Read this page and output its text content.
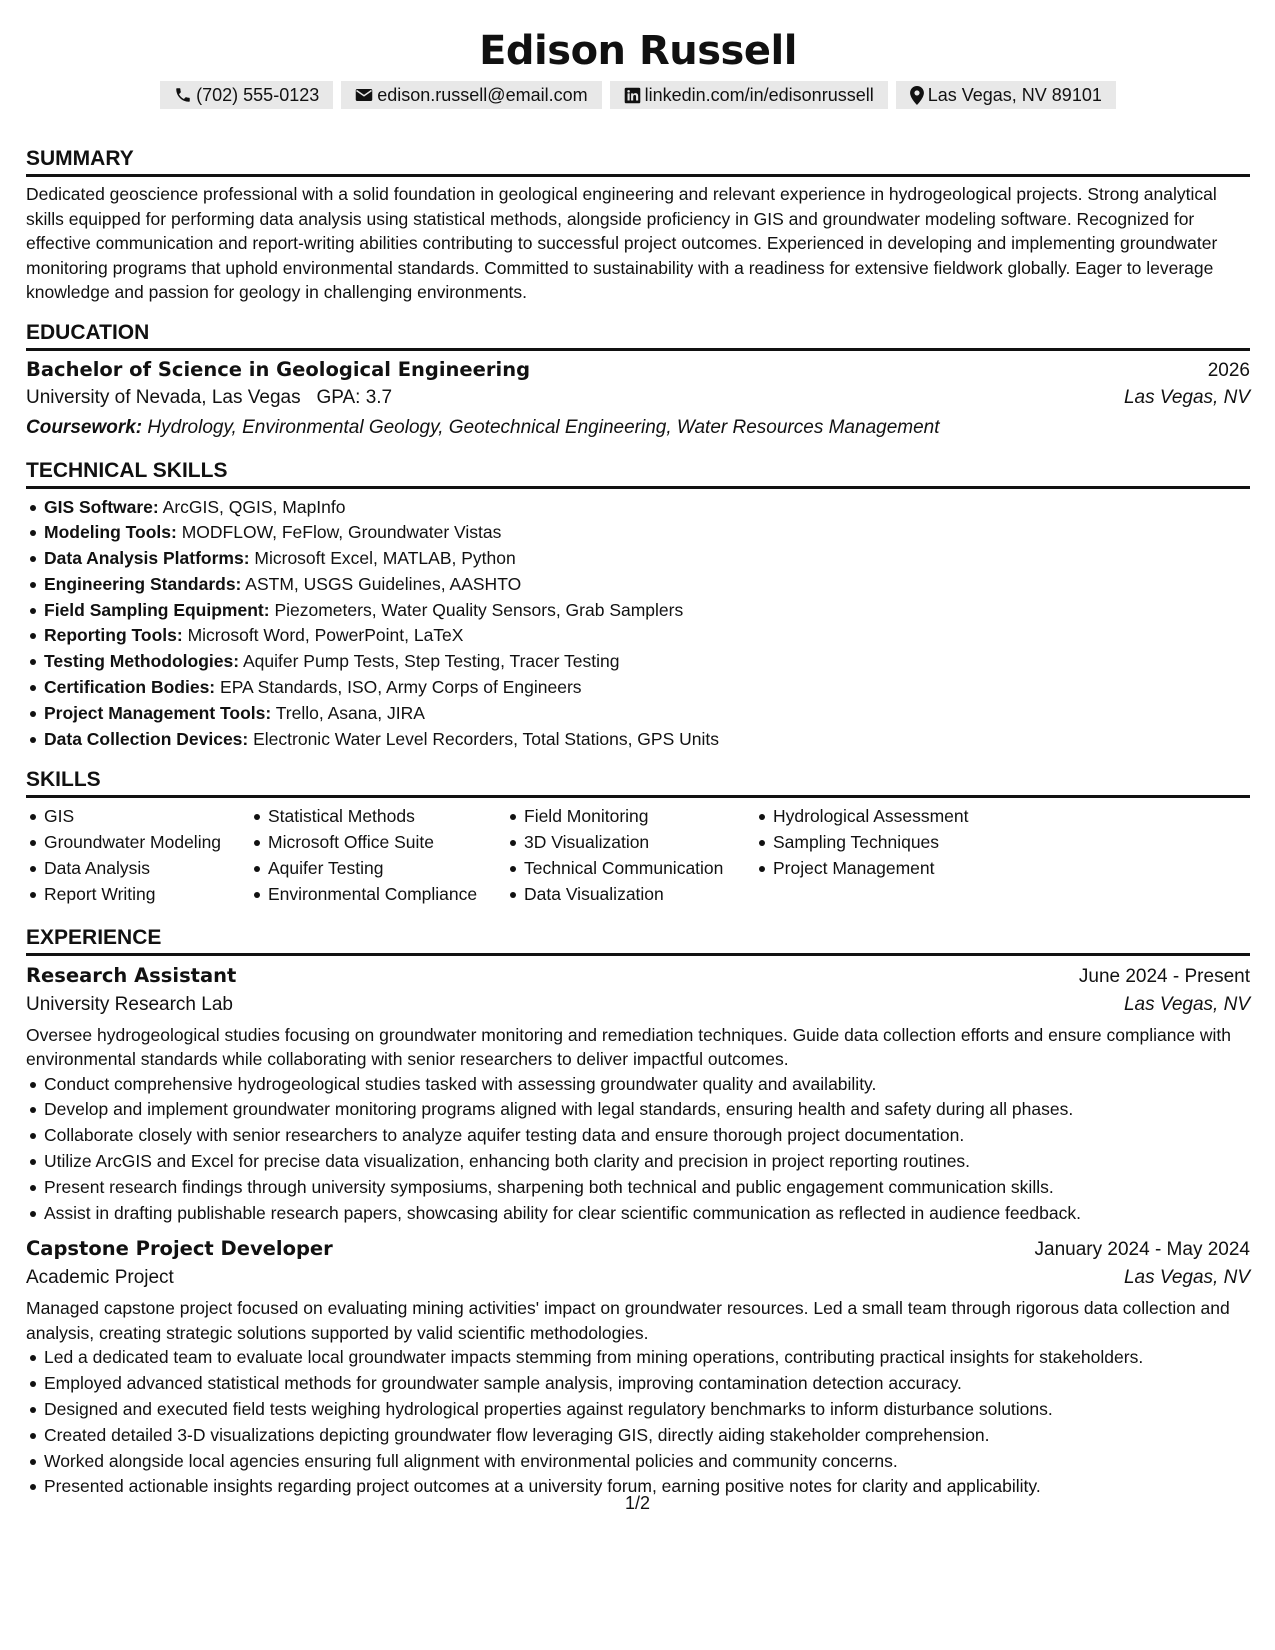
Edison Russell
(702) 555-0123	edison.russell@email.com	linkedin.com/in/edisonrussell	Las Vegas, NV 89101
SUMMARY

Dedicated geoscience professional with a solid foundation in geological engineering and relevant experience in hydrogeological projects. Strong analytical skills equipped for performing data analysis using statistical methods, alongside proficiency in GIS and groundwater modeling software. Recognized for effective communication and report-writing abilities contributing to successful project outcomes. Experienced in developing and implementing groundwater monitoring programs that uphold environmental standards. Committed to sustainability with a readiness for extensive fieldwork globally. Eager to leverage knowledge and passion for geology in challenging environments.

EDUCATION
Bachelor of Science in Geological Engineering	2026
University of Nevada, Las Vegas GPA: 3.7	Las Vegas, NV
Coursework: Hydrology, Environmental Geology, Geotechnical Engineering, Water Resources Management
TECHNICAL SKILLS
GIS Software: ArcGIS, QGIS, MapInfo
Modeling Tools: MODFLOW, FeFlow, Groundwater Vistas
Data Analysis Platforms: Microsoft Excel, MATLAB, Python
Engineering Standards: ASTM, USGS Guidelines, AASHTO
Field Sampling Equipment: Piezometers, Water Quality Sensors, Grab Samplers
Reporting Tools: Microsoft Word, PowerPoint, LaTeX
Testing Methodologies: Aquifer Pump Tests, Step Testing, Tracer Testing
Certification Bodies: EPA Standards, ISO, Army Corps of Engineers
Project Management Tools: Trello, Asana, JIRA
Data Collection Devices: Electronic Water Level Recorders, Total Stations, GPS Units
SKILLS
GIS
Groundwater Modeling
Data Analysis
Report Writing
Statistical Methods
Microsoft Office Suite
Aquifer Testing
Environmental Compliance
Field Monitoring
3D Visualization
Technical Communication
Data Visualization
Hydrological Assessment
Sampling Techniques
Project Management
EXPERIENCE
Research Assistant	June 2024 - Present
University Research Lab	Las Vegas, NV

Oversee hydrogeological studies focusing on groundwater monitoring and remediation techniques. Guide data collection efforts and ensure compliance with environmental standards while collaborating with senior researchers to deliver impactful outcomes.

Conduct comprehensive hydrogeological studies tasked with assessing groundwater quality and availability.
Develop and implement groundwater monitoring programs aligned with legal standards, ensuring health and safety during all phases.
Collaborate closely with senior researchers to analyze aquifer testing data and ensure thorough project documentation.
Utilize ArcGIS and Excel for precise data visualization, enhancing both clarity and precision in project reporting routines.
Present research findings through university symposiums, sharpening both technical and public engagement communication skills.
Assist in drafting publishable research papers, showcasing ability for clear scientific communication as reflected in audience feedback.
Capstone Project Developer	January 2024 - May 2024
Academic Project	Las Vegas, NV

Managed capstone project focused on evaluating mining activities' impact on groundwater resources. Led a small team through rigorous data collection and analysis, creating strategic solutions supported by valid scientific methodologies.

Led a dedicated team to evaluate local groundwater impacts stemming from mining operations, contributing practical insights for stakeholders.
Employed advanced statistical methods for groundwater sample analysis, improving contamination detection accuracy.
Designed and executed field tests weighing hydrological properties against regulatory benchmarks to inform disturbance solutions.
Created detailed 3-D visualizations depicting groundwater flow leveraging GIS, directly aiding stakeholder comprehension.
Worked alongside local agencies ensuring full alignment with environmental policies and community concerns.
Presented actionable insights regarding project outcomes at a university forum, earning positive notes for clarity and applicability.
1/2
